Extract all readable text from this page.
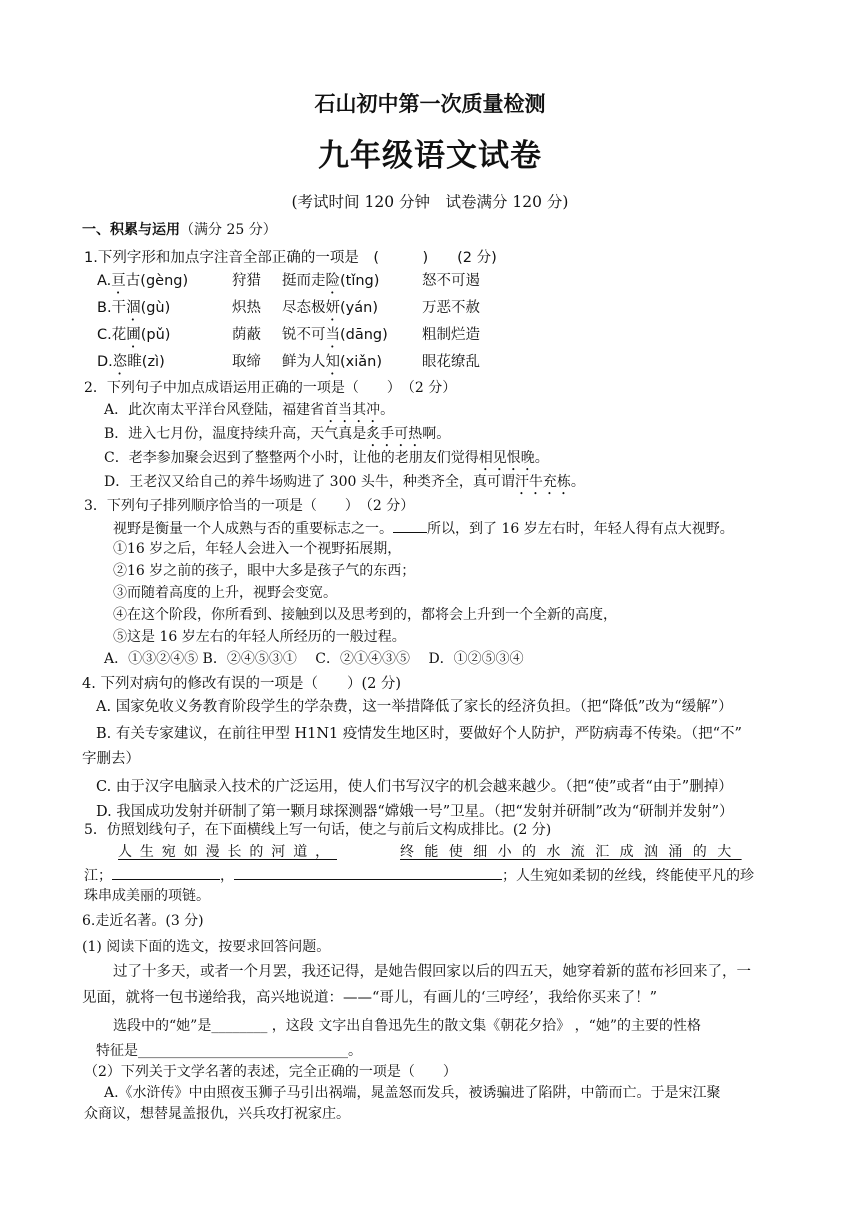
石山初中第一次质量检测
九年级语文试卷
(考试时间 120 分钟　试卷满分 120 分)
一、积累与运用（满分 25 分）
1.下列字形和加点字注音全部正确的一项是　(　　　)　　(2 分)
A.亘古(gèng)	狩猎 挺而走险(tǐng)	怒不可遏
B.干涸(gù)	炽热 尽态极妍(yán)	万恶不赦
C.花圃(pǔ)	荫蔽 锐不可当(dāng) 粗制烂造
D.恣睢(zì)	取缔 鲜为人知(xiǎn)	眼花缭乱
2．下列句子中加点成语运用正确的一项是（　　）　（2 分）
A．此次南太平洋台风登陆，福建省首当其冲。
B．进入七月份，温度持续升高，天气真是炙手可热啊。
C．老李参加聚会迟到了整整两个小时，让他的老朋友们觉得相见恨晚。
D．王老汉又给自己的养牛场购进了 300 头牛，种类齐全，真可谓汗牛充栋。
3．下列句子排列顺序恰当的一项是（　　）　（2 分）
视野是衡量一个人成熟与否的重要标志之一。 所以，到了 16 岁左右时，年轻人得有点大视野。
①16 岁之后，年轻人会进入一个视野拓展期，
②16 岁之前的孩子，眼中大多是孩子气的东西；
③而随着高度的上升，视野会变宽。
④在这个阶段，你所看到、接触到以及思考到的，都将会上升到一个全新的高度，
⑤这是 16 岁左右的年轻人所经历的一般过程。
A．①③②④⑤ B．②④⑤③①　 C．②①④③⑤　 D．①②⑤③④
4. 下列对病句的修改有误的一项是（　　）(2 分)
A. 国家免收义务教育阶段学生的学杂费，这一举措降低了家长的经济负担。（把“降低”改为“缓解”）
B. 有关专家建议，在前往甲型 H1N1 疫情发生地区时，要做好个人防护，严防病毒不传染。（把“不”
字删去）
C. 由于汉字电脑录入技术的广泛运用，使人们书写汉字的机会越来越少。（把“使”或者“由于”删掉）
D. 我国成功发射并研制了第一颗月球探测器“嫦娥一号”卫星。（把“发射并研制”改为“研制并发射”）
5．仿照划线句子，在下面横线上写一句话，使之与前后文构成排比。(2 分)
人生宛如漫长的河道，	终能使细小的水流汇成汹涌的大
江；	，	；人生宛如柔韧的丝线，终能使平凡的珍
珠串成美丽的项链。
6.走近名著。(3 分)
(1) 阅读下面的选文，按要求回答问题。
过了十多天，或者一个月罢，我还记得，是她告假回家以后的四五天，她穿着新的蓝布衫回来了，一
见面，就将一包书递给我，高兴地说道：——“哥儿，有画儿的‘三哼经’，我给你买来了！”
选段中的“她”是________ ，这段 文字出自鲁迅先生的散文集《朝花夕拾》 ，“她”的主要的性格
特征是______________________________。
（2）下列关于文学名著的表述，完全正确的一项是（　　）
A.《水浒传》中由照夜玉狮子马引出祸端，晁盖怒而发兵，被诱骗进了陷阱，中箭而亡。于是宋江聚
众商议，想替晁盖报仇，兴兵攻打祝家庄。
